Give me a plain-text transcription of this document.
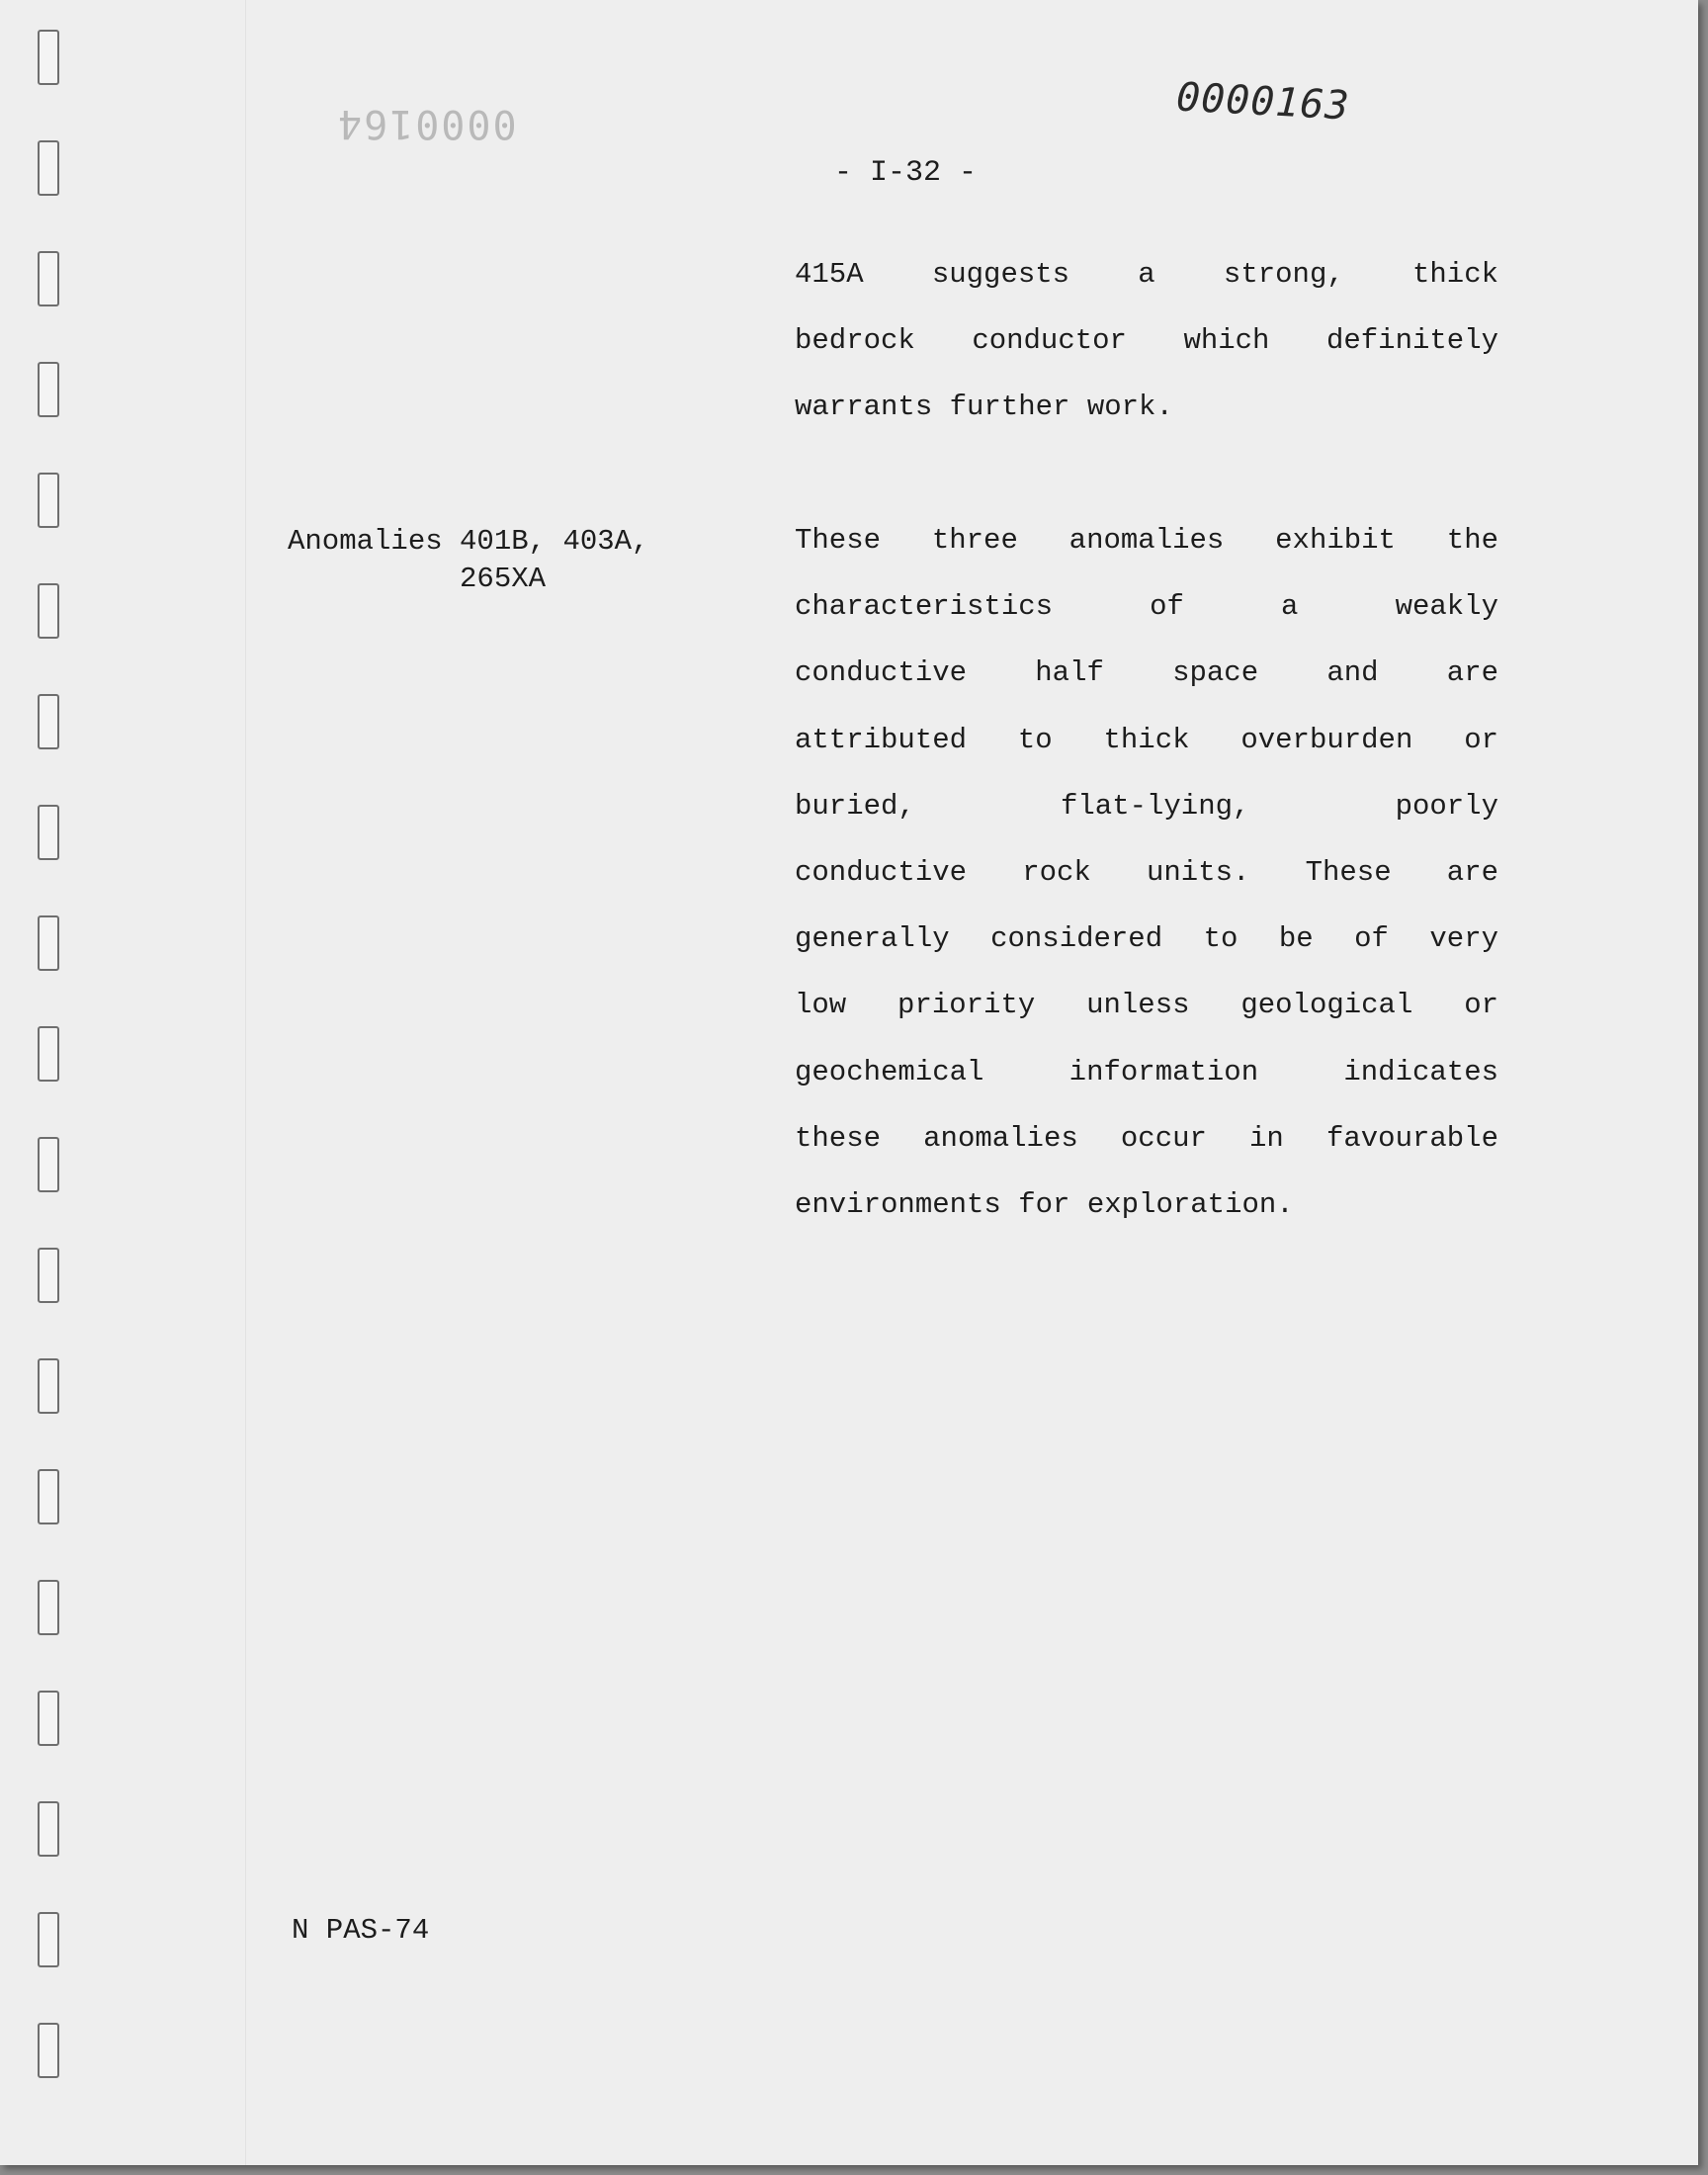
0000164	0000163
- I-32 -
415A suggests a strong, thick
bedrock conductor which definitely
warrants further work.
Anomalies 401B, 403A,
265XA
These three anomalies exhibit the
characteristics of a weakly
conductive half space and are
attributed to thick overburden or
buried, flat-lying, poorly
conductive rock units. These are
generally considered to be of very
low priority unless geological or
geochemical information indicates
these anomalies occur in favourable
environments for exploration.
N PAS-74
